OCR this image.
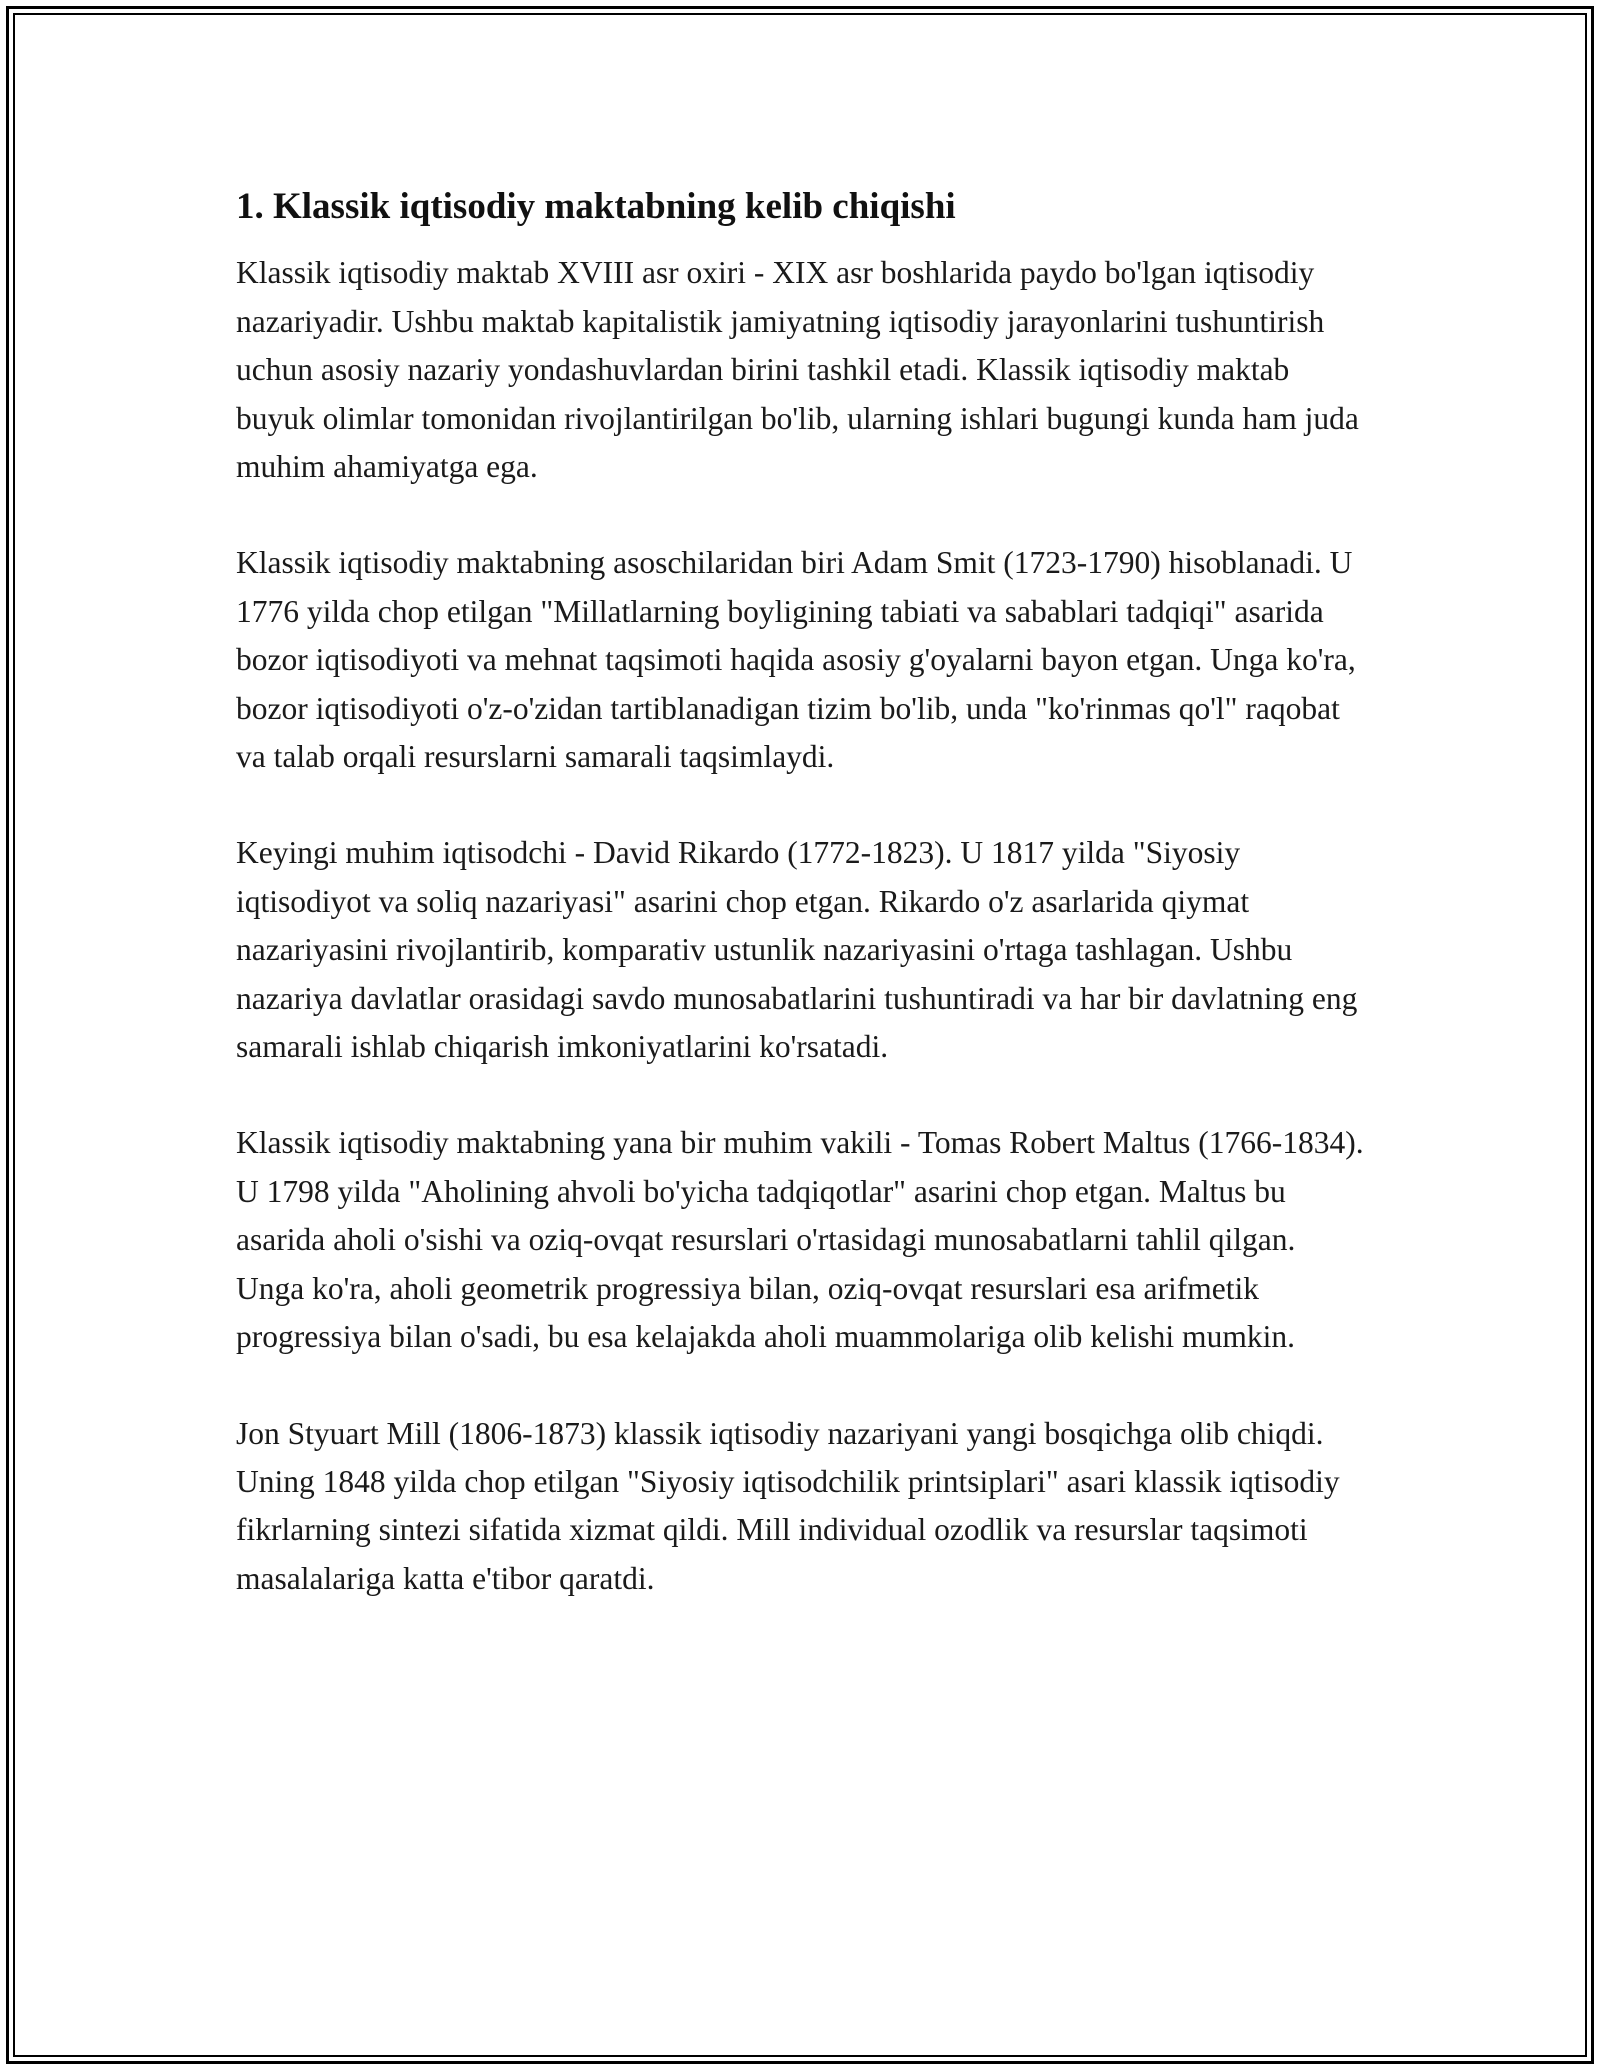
1. Klassik iqtisodiy maktabning kelib chiqishi

Klassik iqtisodiy maktab XVIII asr oxiri - XIX asr boshlarida paydo bo'lgan iqtisodiy nazariyadir. Ushbu maktab kapitalistik jamiyatning iqtisodiy jarayonlarini tushuntirish uchun asosiy nazariy yondashuvlardan birini tashkil etadi. Klassik iqtisodiy maktab buyuk olimlar tomonidan rivojlantirilgan bo'lib, ularning ishlari bugungi kunda ham juda muhim ahamiyatga ega.

Klassik iqtisodiy maktabning asoschilaridan biri Adam Smit (1723-1790) hisoblanadi. U 1776 yilda chop etilgan "Millatlarning boyligining tabiati va sabablari tadqiqi" asarida bozor iqtisodiyoti va mehnat taqsimoti haqida asosiy g'oyalarni bayon etgan. Unga ko'ra, bozor iqtisodiyoti o'z-o'zidan tartiblanadigan tizim bo'lib, unda "ko'rinmas qo'l" raqobat va talab orqali resurslarni samarali taqsimlaydi.

Keyingi muhim iqtisodchi - David Rikardo (1772-1823). U 1817 yilda "Siyosiy iqtisodiyot va soliq nazariyasi" asarini chop etgan. Rikardo o'z asarlarida qiymat nazariyasini rivojlantirib, komparativ ustunlik nazariyasini o'rtaga tashlagan. Ushbu nazariya davlatlar orasidagi savdo munosabatlarini tushuntiradi va har bir davlatning eng samarali ishlab chiqarish imkoniyatlarini ko'rsatadi.

Klassik iqtisodiy maktabning yana bir muhim vakili - Tomas Robert Maltus (1766-1834). U 1798 yilda "Aholining ahvoli bo'yicha tadqiqotlar" asarini chop etgan. Maltus bu asarida aholi o'sishi va oziq-ovqat resurslari o'rtasidagi munosabatlarni tahlil qilgan. Unga ko'ra, aholi geometrik progressiya bilan, oziq-ovqat resurslari esa arifmetik progressiya bilan o'sadi, bu esa kelajakda aholi muammolariga olib kelishi mumkin.

Jon Styuart Mill (1806-1873) klassik iqtisodiy nazariyani yangi bosqichga olib chiqdi. Uning 1848 yilda chop etilgan "Siyosiy iqtisodchilik printsiplari" asari klassik iqtisodiy fikrlarning sintezi sifatida xizmat qildi. Mill individual ozodlik va resurslar taqsimoti masalalariga katta e'tibor qaratdi.
